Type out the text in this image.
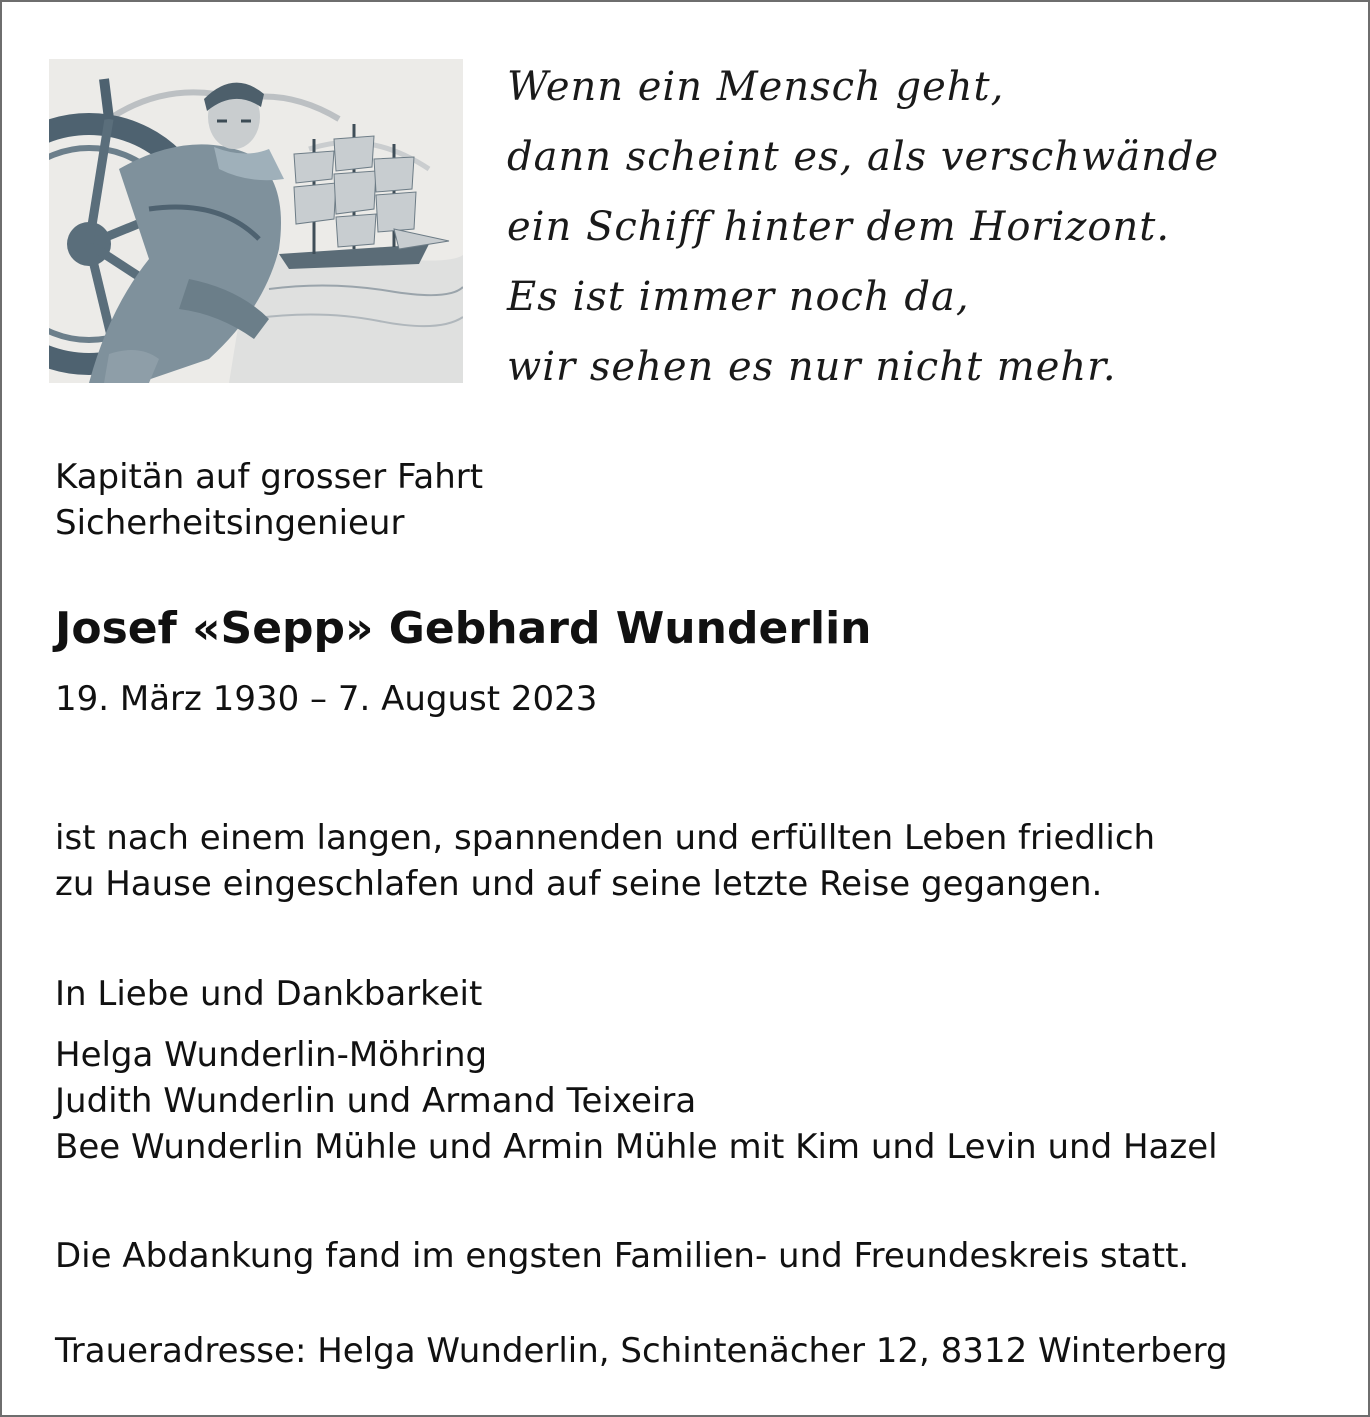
Wenn ein Mensch geht,
dann scheint es, als verschwände
ein Schiff hinter dem Horizont.
Es ist immer noch da,
wir sehen es nur nicht mehr.
Kapitän auf grosser Fahrt
Sicherheitsingenieur
Josef «Sepp» Gebhard Wunderlin
19. März 1930 – 7. August 2023
ist nach einem langen, spannenden und erfüllten Leben friedlich
zu Hause eingeschlafen und auf seine letzte Reise gegangen.
In Liebe und Dankbarkeit
Helga Wunderlin-Möhring
Judith Wunderlin und Armand Teixeira
Bee Wunderlin Mühle und Armin Mühle mit Kim und Levin und Hazel
Die Abdankung fand im engsten Familien- und Freundeskreis statt.
Traueradresse: Helga Wunderlin, Schintenächer 12, 8312 Winterberg
